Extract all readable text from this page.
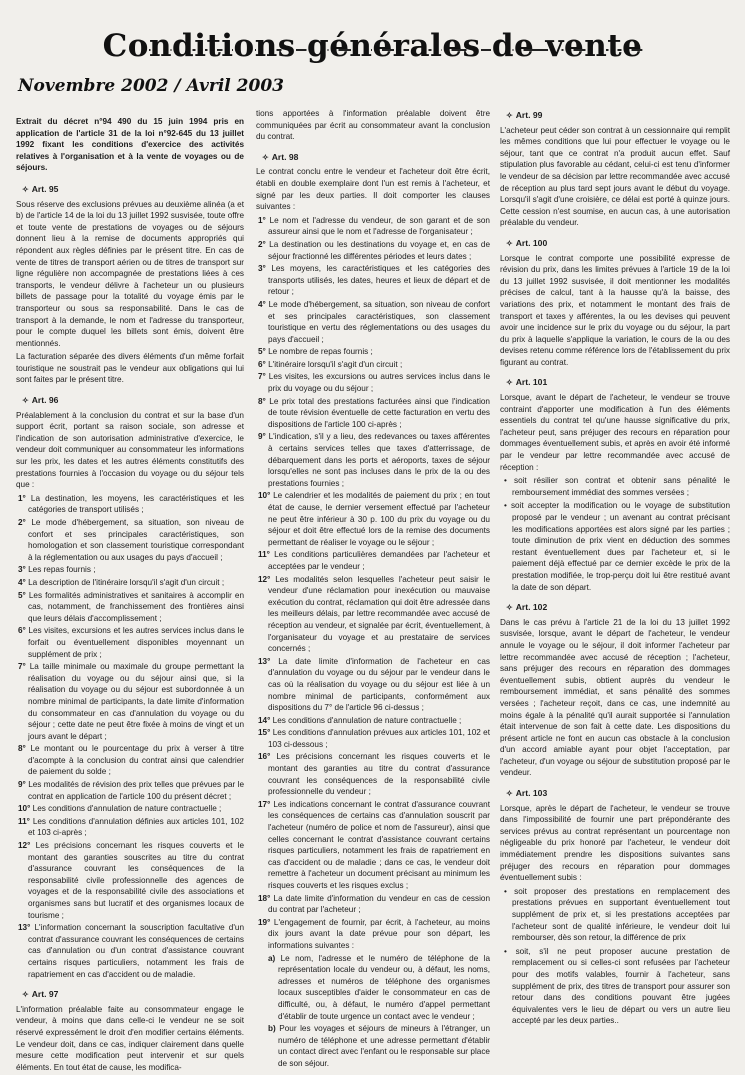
Conditions générales de vente
Novembre 2002 / Avril 2003
Extrait du décret n°94 490 du 15 juin 1994 pris en application de l'article 31 de la loi n°92-645 du 13 juillet 1992 fixant les conditions d'exercice des activités relatives à l'organisation et à la vente de voyages ou de séjours.
✧ Art. 95
Sous réserve des exclusions prévues au deuxième alinéa (a et b) de l'article 14 de la loi du 13 juillet 1992 susvisée, toute offre et toute vente de prestations de voyages ou de séjours donnent lieu à la remise de documents appropriés qui répondent aux règles définies par le présent titre. En cas de vente de titres de transport aérien ou de titres de transport sur ligne régulière non accompagnée de prestations liées à ces transports, le vendeur délivre à l'acheteur un ou plusieurs billets de passage pour la totalité du voyage émis par le transporteur ou sous sa responsabilité. Dans le cas de transport à la demande, le nom et l'adresse du transporteur, pour le compte duquel les billets sont émis, doivent être mentionnés.
La facturation séparée des divers éléments d'un même forfait touristique ne soustrait pas le vendeur aux obligations qui lui sont faites par le présent titre.
✧ Art. 96
Préalablement à la conclusion du contrat et sur la base d'un support écrit, portant sa raison sociale, son adresse et l'indication de son autorisation administrative d'exercice, le vendeur doit communiquer au consommateur les informations sur les prix, les dates et les autres éléments constitutifs des prestations fournies à l'occasion du voyage ou du séjour tels que :
1° La destination, les moyens, les caractéristiques et les catégories de transport utilisés ;
2° Le mode d'hébergement, sa situation, son niveau de confort et ses principales caractéristiques, son homologation et son classement touristique correspondant à la réglementation ou aux usages du pays d'accueil ;
3° Les repas fournis ;
4° La description de l'itinéraire lorsqu'il s'agit d'un circuit ;
5° Les formalités administratives et sanitaires à accomplir en cas, notamment, de franchissement des frontières ainsi que leurs délais d'accomplissement ;
6° Les visites, excursions et les autres services inclus dans le forfait ou éventuellement disponibles moyennant un supplément de prix ;
7° La taille minimale ou maximale du groupe permettant la réalisation du voyage ou du séjour ainsi que, si la réalisation du voyage ou du séjour est subordonnée à un nombre minimal de participants, la date limite d'information du consommateur en cas d'annulation du voyage ou du séjour ; cette date ne peut être fixée à moins de vingt et un jours avant le départ ;
8° Le montant ou le pourcentage du prix à verser à titre d'acompte à la conclusion du contrat ainsi que calendrier de paiement du solde ;
9° Les modalités de révision des prix telles que prévues par le contrat en application de l'article 100 du présent décret ;
10° Les conditions d'annulation de nature contractuelle ;
11° Les conditions d'annulation définies aux articles 101, 102 et 103 ci-après ;
12° Les précisions concernant les risques couverts et le montant des garanties souscrites au titre du contrat d'assurance couvrant les conséquences de la responsabilité civile professionnelle des agences de voyages et de la responsabilité civile des associations et organismes sans but lucratif et des organismes locaux de tourisme ;
13° L'information concernant la souscription facultative d'un contrat d'assurance couvrant les conséquences de certains cas d'annulation ou d'un contrat d'assistance couvrant certains risques particuliers, notamment les frais de rapatriement en cas d'accident ou de maladie.
✧ Art. 97
L'information préalable faite au consommateur engage le vendeur, à moins que dans celle-ci le vendeur ne se soit réservé expressément le droit d'en modifier certains éléments. Le vendeur doit, dans ce cas, indiquer clairement dans quelle mesure cette modification peut intervenir et sur quels éléments. En tout état de cause, les modifica-
tions apportées à l'information préalable doivent être communiquées par écrit au consommateur avant la conclusion du contrat.
✧ Art. 98
Le contrat conclu entre le vendeur et l'acheteur doit être écrit, établi en double exemplaire dont l'un est remis à l'acheteur, et signé par les deux parties. Il doit comporter les clauses suivantes :
1° Le nom et l'adresse du vendeur, de son garant et de son assureur ainsi que le nom et l'adresse de l'organisateur ;
2° La destination ou les destinations du voyage et, en cas de séjour fractionné les différentes périodes et leurs dates ;
3° Les moyens, les caractéristiques et les catégories des transports utilisés, les dates, heures et lieux de départ et de retour ;
4° Le mode d'hébergement, sa situation, son niveau de confort et ses principales caractéristiques, son classement touristique en vertu des réglementations ou des usages du pays d'accueil ;
5° Le nombre de repas fournis ;
6° L'itinéraire lorsqu'il s'agit d'un circuit ;
7° Les visites, les excursions ou autres services inclus dans le prix du voyage ou du séjour ;
8° Le prix total des prestations facturées ainsi que l'indication de toute révision éventuelle de cette facturation en vertu des dispositions de l'article 100 ci-après ;
9° L'indication, s'il y a lieu, des redevances ou taxes afférentes à certains services telles que taxes d'atterrissage, de débarquement dans les ports et aéroports, taxes de séjour lorsqu'elles ne sont pas incluses dans le prix de la ou des prestations fournies ;
10° Le calendrier et les modalités de paiement du prix ; en tout état de cause, le dernier versement effectué par l'acheteur ne peut être inférieur à 30 p. 100 du prix du voyage ou du séjour et doit être effectué lors de la remise des documents permettant de réaliser le voyage ou le séjour ;
11° Les conditions particulières demandées par l'acheteur et acceptées par le vendeur ;
12° Les modalités selon lesquelles l'acheteur peut saisir le vendeur d'une réclamation pour inexécution ou mauvaise exécution du contrat, réclamation qui doit être adressée dans les meilleurs délais, par lettre recommandée avec accusé de réception au vendeur, et signalée par écrit, éventuellement, à l'organisateur du voyage et au prestataire de services concernés ;
13° La date limite d'information de l'acheteur en cas d'annulation du voyage ou du séjour par le vendeur dans le cas où la réalisation du voyage ou du séjour est liée à un nombre minimal de participants, conformément aux dispositions du 7° de l'article 96 ci-dessus ;
14° Les conditions d'annulation de nature contractuelle ;
15° Les conditions d'annulation prévues aux articles 101, 102 et 103 ci-dessous ;
16° Les précisions concernant les risques couverts et le montant des garanties au titre du contrat d'assurance couvrant les conséquences de la responsabilité civile professionnelle du vendeur ;
17° Les indications concernant le contrat d'assurance couvrant les conséquences de certains cas d'annulation souscrit par l'acheteur (numéro de police et nom de l'assureur), ainsi que celles concernant le contrat d'assistance couvrant certains risques particuliers, notamment les frais de rapatriement en cas d'accident ou de maladie ; dans ce cas, le vendeur doit remettre à l'acheteur un document précisant au minimum les risques couverts et les risques exclus ;
18° La date limite d'information du vendeur en cas de cession du contrat par l'acheteur ;
19° L'engagement de fournir, par écrit, à l'acheteur, au moins dix jours avant la date prévue pour son départ, les informations suivantes :
a) Le nom, l'adresse et le numéro de téléphone de la représentation locale du vendeur ou, à défaut, les noms, adresses et numéros de téléphone des organismes locaux susceptibles d'aider le consommateur en cas de difficulté, ou, à défaut, le numéro d'appel permettant d'établir de toute urgence un contact avec le vendeur ;
b) Pour les voyages et séjours de mineurs à l'étranger, un numéro de téléphone et une adresse permettant d'établir un contact direct avec l'enfant ou le responsable sur place de son séjour.
✧ Art. 99
L'acheteur peut céder son contrat à un cessionnaire qui remplit les mêmes conditions que lui pour effectuer le voyage ou le séjour, tant que ce contrat n'a produit aucun effet. Sauf stipulation plus favorable au cédant, celui-ci est tenu d'informer le vendeur de sa décision par lettre recommandée avec accusé de réception au plus tard sept jours avant le début du voyage. Lorsqu'il s'agit d'une croisière, ce délai est porté à quinze jours. Cette cession n'est soumise, en aucun cas, à une autorisation préalable du vendeur.
✧ Art. 100
Lorsque le contrat comporte une possibilité expresse de révision du prix, dans les limites prévues à l'article 19 de la loi du 13 juillet 1992 susvisée, il doit mentionner les modalités précises de calcul, tant à la hausse qu'à la baisse, des variations des prix, et notamment le montant des frais de transport et taxes y afférentes, la ou les devises qui peuvent avoir une incidence sur le prix du voyage ou du séjour, la part du prix à laquelle s'applique la variation, le cours de la ou des devises retenu comme référence lors de l'établissement du prix figurant au contrat.
✧ Art. 101
Lorsque, avant le départ de l'acheteur, le vendeur se trouve contraint d'apporter une modification à l'un des éléments essentiels du contrat tel qu'une hausse significative du prix, l'acheteur peut, sans préjuger des recours en réparation pour dommages éventuellement subis, et après en avoir été informé par le vendeur par lettre recommandée avec accusé de réception :
• soit résilier son contrat et obtenir sans pénalité le remboursement immédiat des sommes versées ;
• soit accepter la modification ou le voyage de substitution proposé par le vendeur ; un avenant au contrat précisant les modifications apportées est alors signé par les parties ; toute diminution de prix vient en déduction des sommes restant éventuellement dues par l'acheteur et, si le paiement déjà effectué par ce dernier excède le prix de la prestation modifiée, le trop-perçu doit lui être restitué avant la date de son départ.
✧ Art. 102
Dans le cas prévu à l'article 21 de la loi du 13 juillet 1992 susvisée, lorsque, avant le départ de l'acheteur, le vendeur annule le voyage ou le séjour, il doit informer l'acheteur par lettre recommandée avec accusé de réception ; l'acheteur, sans préjuger des recours en réparation des dommages éventuellement subis, obtient auprès du vendeur le remboursement immédiat, et sans pénalité des sommes versées ; l'acheteur reçoit, dans ce cas, une indemnité au moins égale à la pénalité qu'il aurait supportée si l'annulation était intervenue de son fait à cette date. Les dispositions du présent article ne font en aucun cas obstacle à la conclusion d'un accord amiable ayant pour objet l'acceptation, par l'acheteur, d'un voyage ou séjour de substitution proposé par le vendeur.
✧ Art. 103
Lorsque, après le départ de l'acheteur, le vendeur se trouve dans l'impossibilité de fournir une part prépondérante des services prévus au contrat représentant un pourcentage non négligeable du prix honoré par l'acheteur, le vendeur doit immédiatement prendre les dispositions suivantes sans préjuger des recours en réparation pour dommages éventuellement subis :
• soit proposer des prestations en remplacement des prestations prévues en supportant éventuellement tout supplément de prix et, si les prestations acceptées par l'acheteur sont de qualité inférieure, le vendeur doit lui rembourser, dès son retour, la différence de prix
• soit, s'il ne peut proposer aucune prestation de remplacement ou si celles-ci sont refusées par l'acheteur pour des motifs valables, fournir à l'acheteur, sans supplément de prix, des titres de transport pour assurer son retour dans des conditions pouvant être jugées équivalentes vers le lieu de départ ou vers un autre lieu accepté par les deux parties..
